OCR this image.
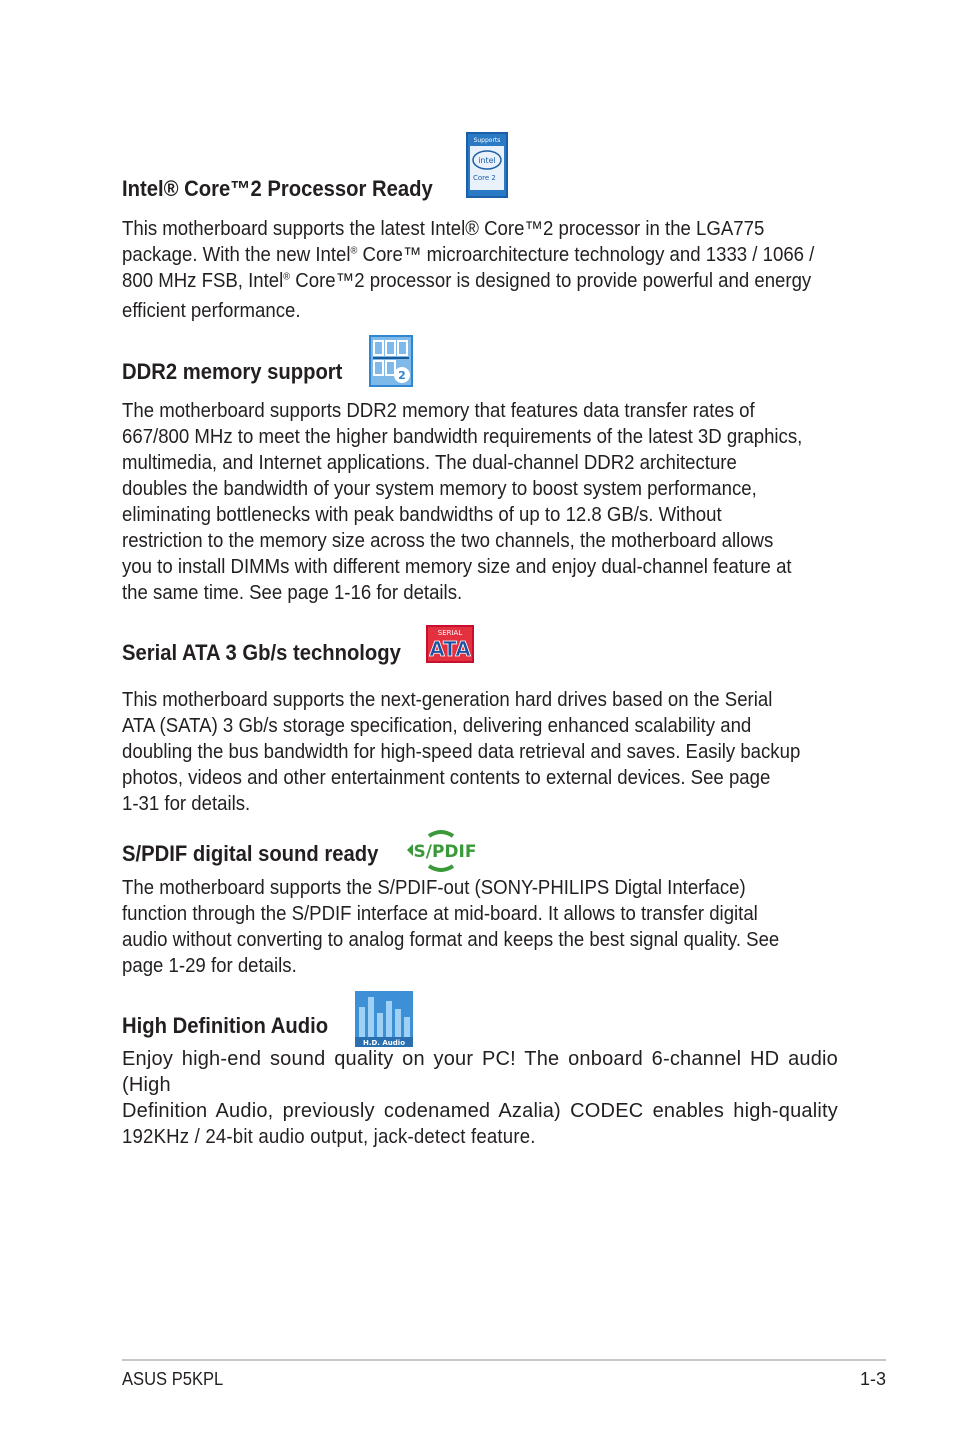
Intel® Core™2 Processor Ready
Supports
intel
Core 2
This motherboard supports the latest Intel® Core™2 processor in the LGA775
package. With the new Intel® Core™ microarchitecture technology and 1333 / 1066 /
800 MHz FSB, Intel® Core™2 processor is designed to provide powerful and energy
efficient performance.
DDR2 memory support	2
The motherboard supports DDR2 memory that features data transfer rates of
667/800 MHz to meet the higher bandwidth requirements of the latest 3D graphics,
multimedia, and Internet applications. The dual-channel DDR2 architecture
doubles the bandwidth of your system memory to boost system performance,
eliminating bottlenecks with peak bandwidths of up to 12.8 GB/s. Without
restriction to the memory size across the two channels, the motherboard allows
you to install DIMMs with different memory size and enjoy dual-channel feature at
the same time. See page 1-16 for details.
Serial ATA 3 Gb/s technology
SERIAL
ATA
This motherboard supports the next-generation hard drives based on the Serial
ATA (SATA) 3 Gb/s storage specification, delivering enhanced scalability and
doubling the bus bandwidth for high-speed data retrieval and saves. Easily backup
photos, videos and other entertainment contents to external devices. See page
1-31 for details.
S/PDIF digital sound ready S/PDIF
The motherboard supports the S/PDIF-out (SONY-PHILIPS Digtal Interface)
function through the S/PDIF interface at mid-board. It allows to transfer digital
audio without converting to analog format and keeps the best signal quality. See
page 1-29 for details.
High Definition Audio
H.D. Audio
Enjoy high-end sound quality on your PC! The onboard 6-channel HD audio (High
Definition Audio, previously codenamed Azalia) CODEC enables high-quality
192KHz / 24-bit audio output, jack-detect feature.
ASUS P5KPL	1-3
